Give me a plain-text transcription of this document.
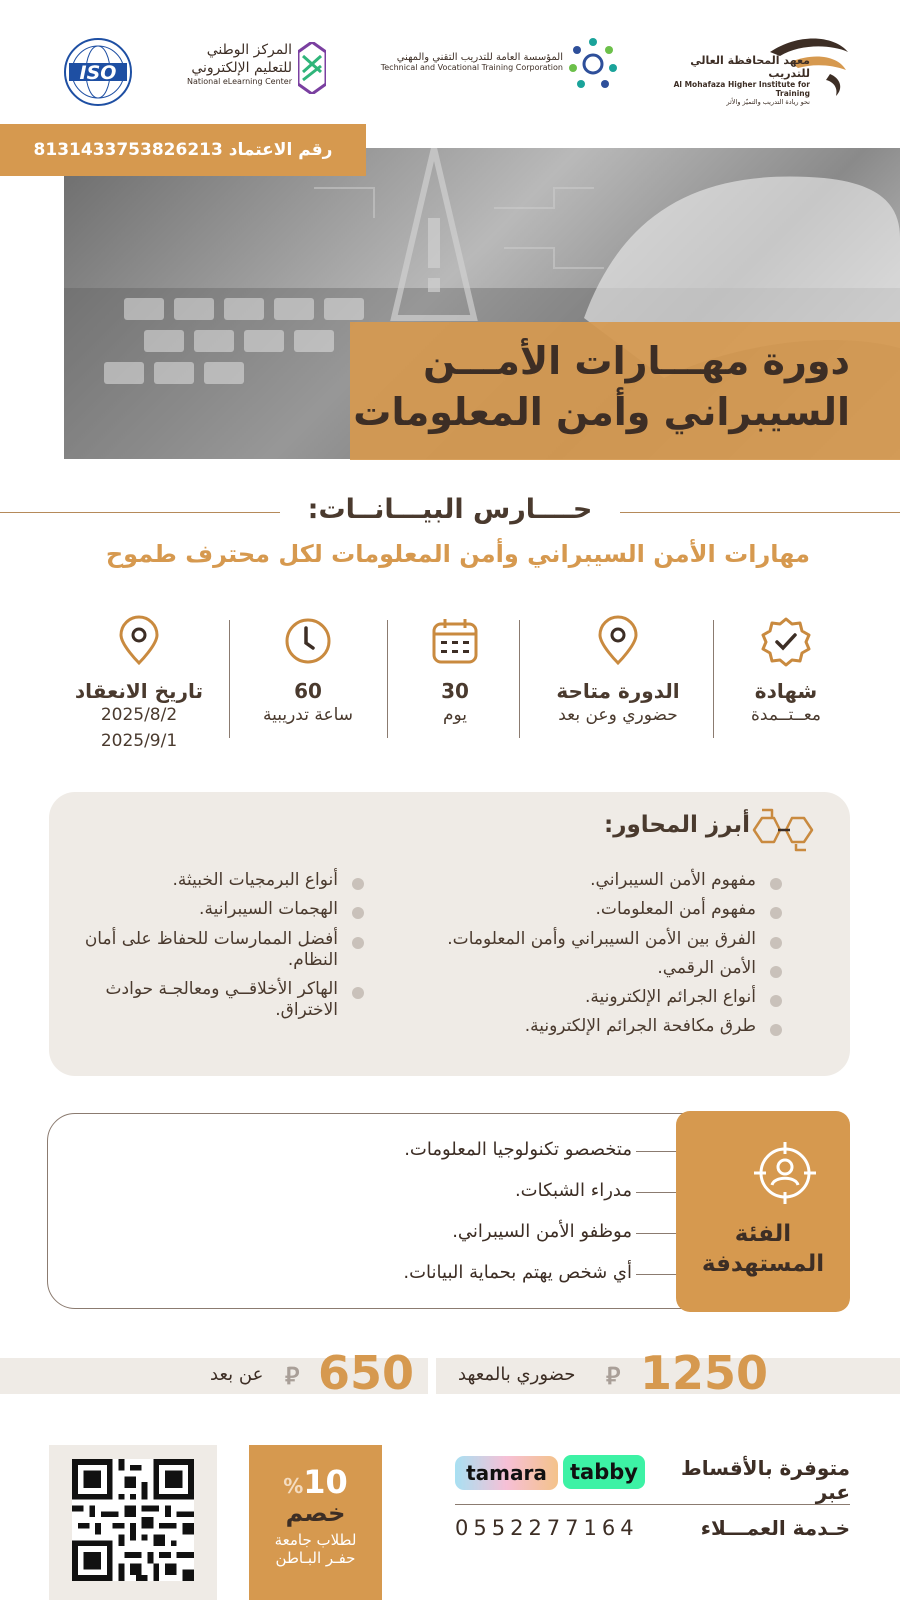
ISO
المركز الوطني
للتعليم الإلكتروني
National eLearning Center
المؤسسة العامة للتدريب التقني والمهني
Technical and Vocational Training Corporation
معهد المحافظة العالي للتدريب
Al Mohafaza Higher Institute for Training
نحو ريادة التدريب والتميّز والأثر
رقم الاعتماد 8131433753826213
دورة مهـــارات الأمـــن
السيبراني وأمن المعلومات
حــــارس البيـــانــات:
مهارات الأمن السيبراني وأمن المعلومات لكل محترف طموح
شهادة
معــتــمدة
الدورة متاحة
حضوري وعن بعد
30
يوم
60
ساعة تدريبية
تاريخ الانعقاد
2025/8/2
2025/9/1
أبرز المحاور:
مفهوم الأمن السيبراني.
مفهوم أمن المعلومات.
الفرق بين الأمن السيبراني وأمن المعلومات.
الأمن الرقمي.
أنواع الجرائم الإلكترونية.
طرق مكافحة الجرائم الإلكترونية.
أنواع البرمجيات الخبيثة.
الهجمات السيبرانية.
أفضل الممارسات للحفاظ على أمان النظام.
الهاكر الأخلاقــي ومعالجـة حوادث الاختراق.
الفئة
المستهدفة
متخصصو تكنولوجيا المعلومات.
مدراء الشبكات.
موظفو الأمن السيبراني.
أي شخص يهتم بحماية البيانات.
1250
⃁
حضوري بالمعهد
650
⃁
عن بعد
%10
خصم
لطلاب جامعة
حفـر البـاطن
tamara	tabby	متوفرة بالأقساط عبر
خـدمة العمـــلاء
0552277164
